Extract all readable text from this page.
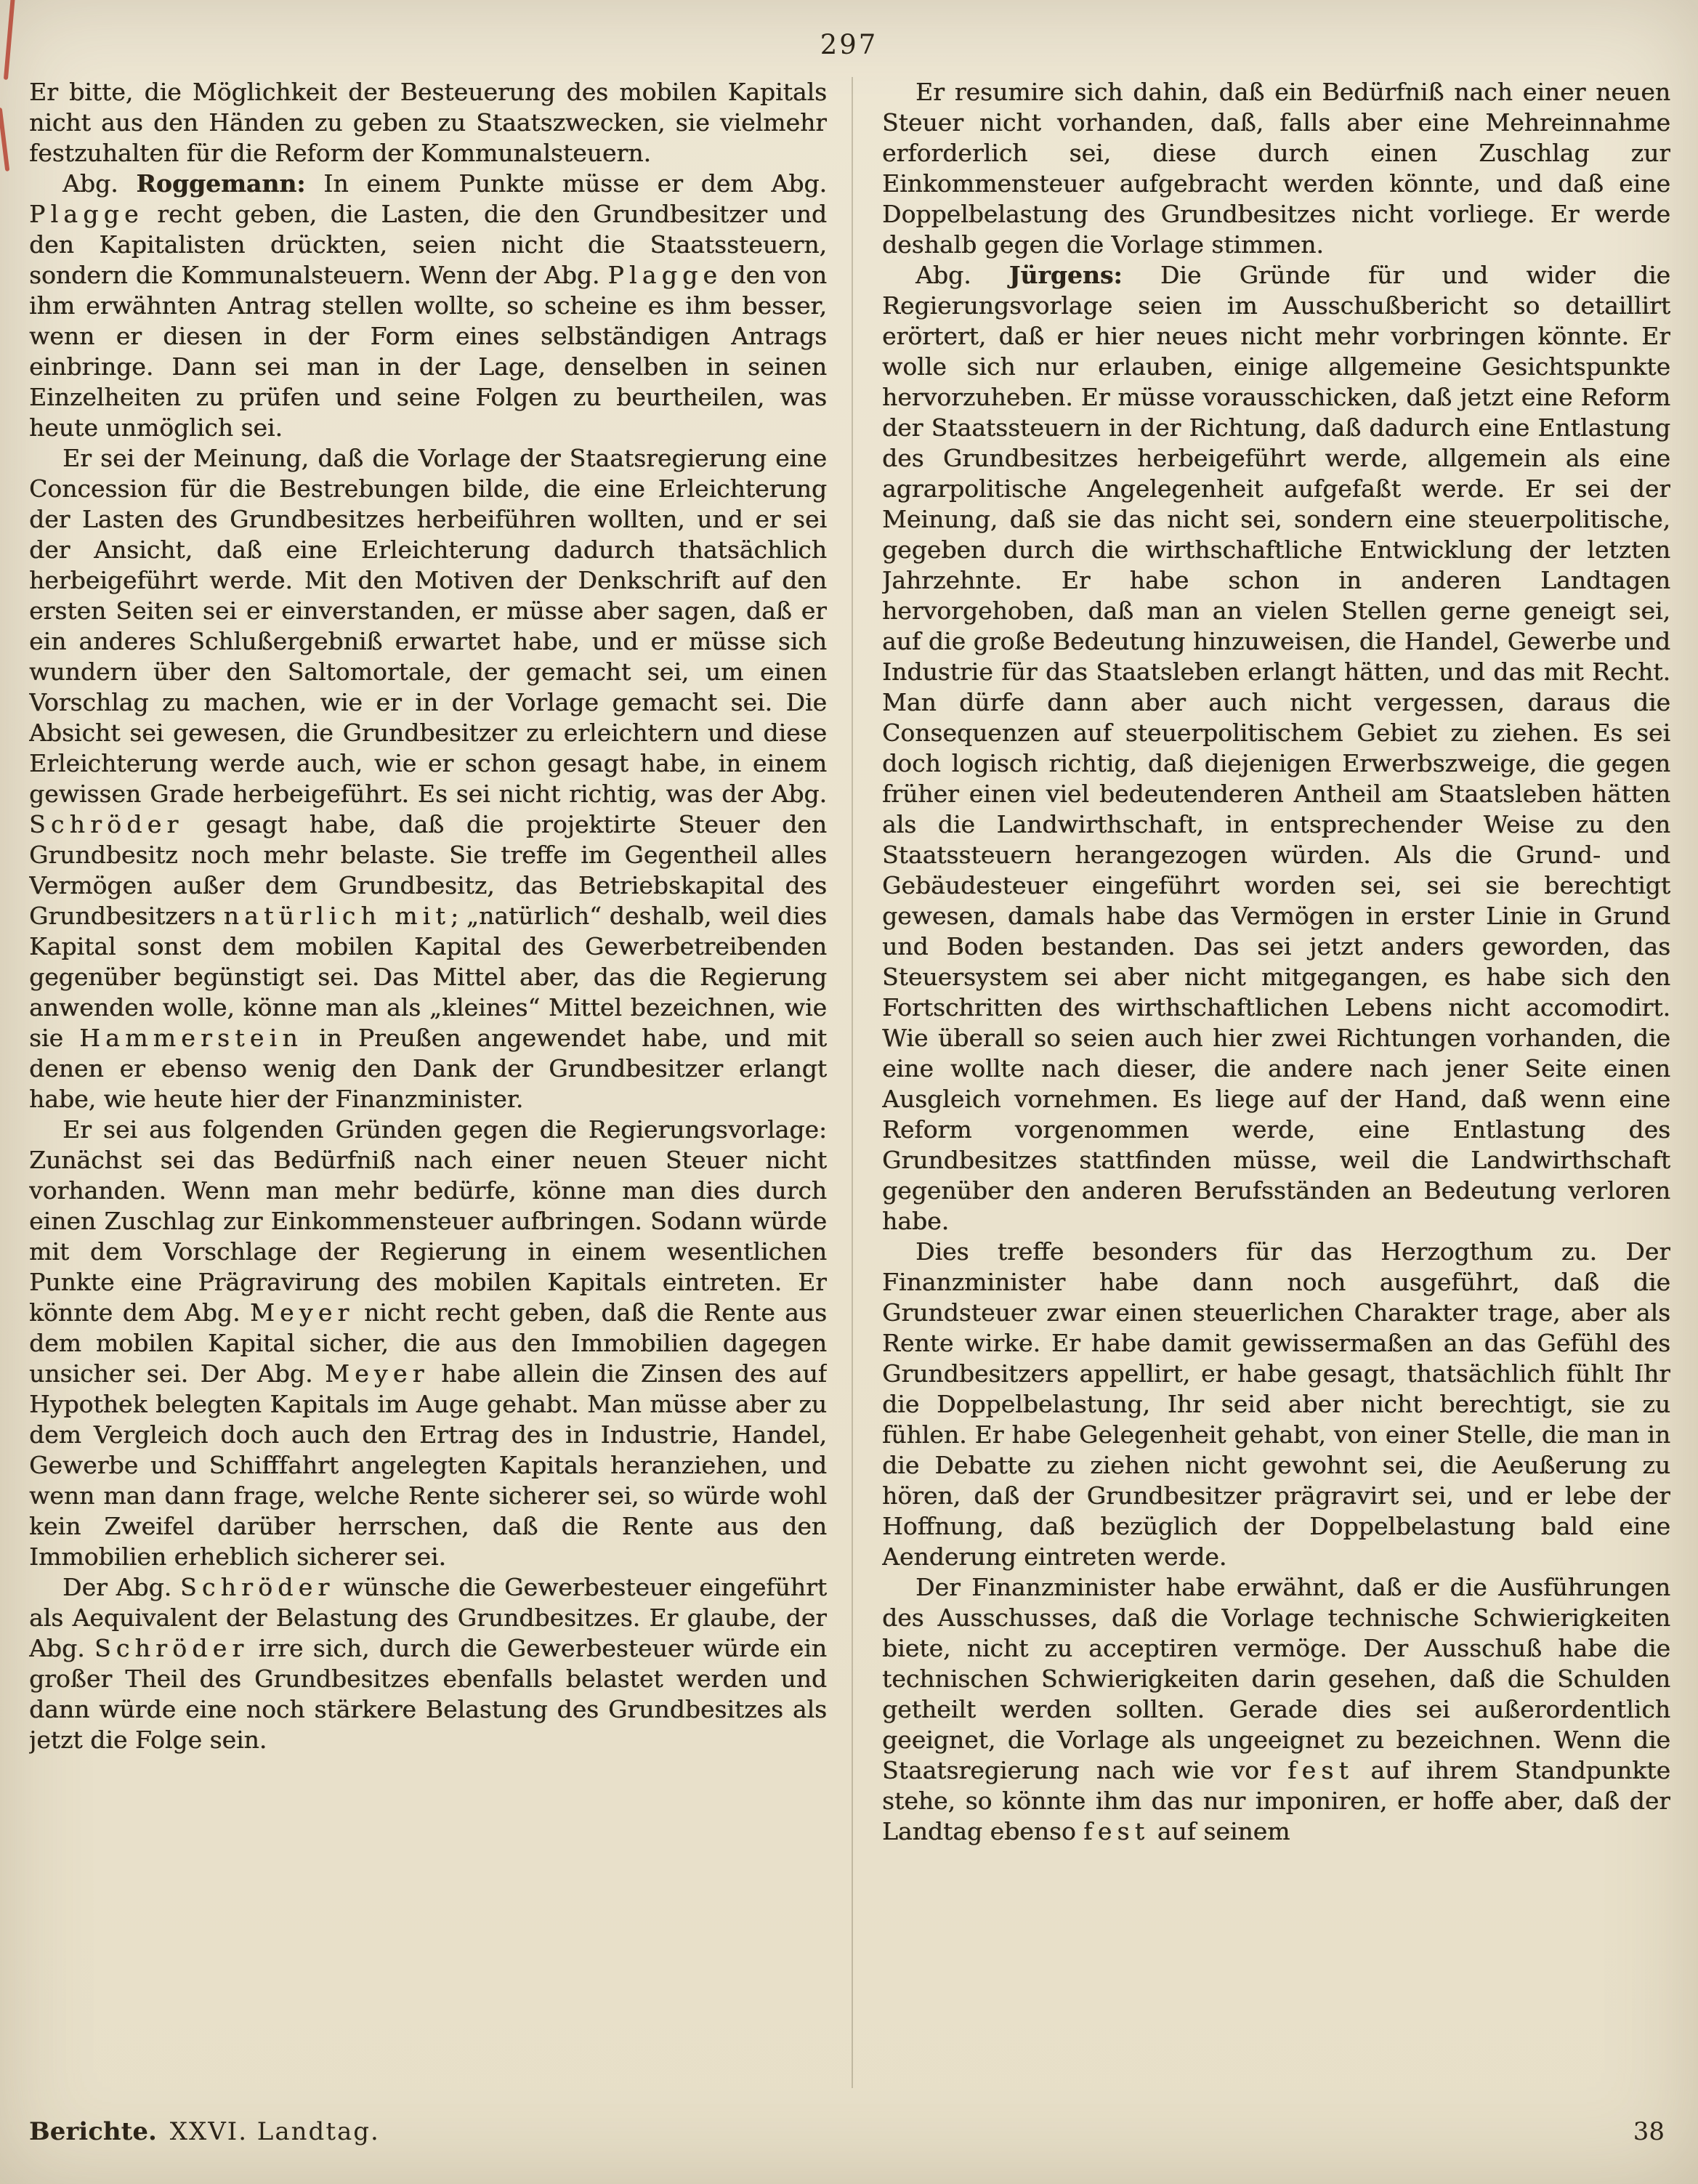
297

Er bitte, die Möglichkeit der Besteuerung des mobilen Kapitals nicht aus den Händen zu geben zu Staatszwecken, sie vielmehr festzuhalten für die Reform der Kommunalsteuern.

Abg. Roggemann: In einem Punkte müsse er dem Abg. Plagge recht geben, die Lasten, die den Grundbesitzer und den Kapitalisten drückten, seien nicht die Staatssteuern, sondern die Kommunalsteuern. Wenn der Abg. Plagge den von ihm erwähnten Antrag stellen wollte, so scheine es ihm besser, wenn er diesen in der Form eines selbständigen Antrags einbringe. Dann sei man in der Lage, denselben in seinen Einzelheiten zu prüfen und seine Folgen zu beurtheilen, was heute unmöglich sei.

Er sei der Meinung, daß die Vorlage der Staatsregierung eine Concession für die Bestrebungen bilde, die eine Erleichterung der Lasten des Grundbesitzes herbeiführen wollten, und er sei der Ansicht, daß eine Erleichterung dadurch thatsächlich herbeigeführt werde. Mit den Motiven der Denkschrift auf den ersten Seiten sei er einverstanden, er müsse aber sagen, daß er ein anderes Schlußergebniß erwartet habe, und er müsse sich wundern über den Saltomortale, der gemacht sei, um einen Vorschlag zu machen, wie er in der Vorlage gemacht sei. Die Absicht sei gewesen, die Grundbesitzer zu erleichtern und diese Erleichterung werde auch, wie er schon gesagt habe, in einem gewissen Grade herbeigeführt. Es sei nicht richtig, was der Abg. Schröder gesagt habe, daß die projektirte Steuer den Grundbesitz noch mehr belaste. Sie treffe im Gegentheil alles Vermögen außer dem Grundbesitz, das Betriebskapital des Grundbesitzers natürlich mit; „natürlich“ deshalb, weil dies Kapital sonst dem mobilen Kapital des Gewerbetreibenden gegenüber begünstigt sei. Das Mittel aber, das die Regierung anwenden wolle, könne man als „kleines“ Mittel bezeichnen, wie sie Hammerstein in Preußen angewendet habe, und mit denen er ebenso wenig den Dank der Grundbesitzer erlangt habe, wie heute hier der Finanzminister.

Er sei aus folgenden Gründen gegen die Regierungsvorlage: Zunächst sei das Bedürfniß nach einer neuen Steuer nicht vorhanden. Wenn man mehr bedürfe, könne man dies durch einen Zuschlag zur Einkommensteuer aufbringen. Sodann würde mit dem Vorschlage der Regierung in einem wesentlichen Punkte eine Prägravirung des mobilen Kapitals eintreten. Er könnte dem Abg. Meyer nicht recht geben, daß die Rente aus dem mobilen Kapital sicher, die aus den Immobilien dagegen unsicher sei. Der Abg. Meyer habe allein die Zinsen des auf Hypothek belegten Kapitals im Auge gehabt. Man müsse aber zu dem Vergleich doch auch den Ertrag des in Industrie, Handel, Gewerbe und Schifffahrt angelegten Kapitals heranziehen, und wenn man dann frage, welche Rente sicherer sei, so würde wohl kein Zweifel darüber herrschen, daß die Rente aus den Immobilien erheblich sicherer sei.

Der Abg. Schröder wünsche die Gewerbesteuer eingeführt als Aequivalent der Belastung des Grundbesitzes. Er glaube, der Abg. Schröder irre sich, durch die Gewerbesteuer würde ein großer Theil des Grundbesitzes ebenfalls belastet werden und dann würde eine noch stärkere Belastung des Grundbesitzes als jetzt die Folge sein.

Er resumire sich dahin, daß ein Bedürfniß nach einer neuen Steuer nicht vorhanden, daß, falls aber eine Mehreinnahme erforderlich sei, diese durch einen Zuschlag zur Einkommensteuer aufgebracht werden könnte, und daß eine Doppelbelastung des Grundbesitzes nicht vorliege. Er werde deshalb gegen die Vorlage stimmen.

Abg. Jürgens: Die Gründe für und wider die Regierungsvorlage seien im Ausschußbericht so detaillirt erörtert, daß er hier neues nicht mehr vorbringen könnte. Er wolle sich nur erlauben, einige allgemeine Gesichtspunkte hervorzuheben. Er müsse vorausschicken, daß jetzt eine Reform der Staatssteuern in der Richtung, daß dadurch eine Entlastung des Grundbesitzes herbeigeführt werde, allgemein als eine agrarpolitische Angelegenheit aufgefaßt werde. Er sei der Meinung, daß sie das nicht sei, sondern eine steuerpolitische, gegeben durch die wirthschaftliche Entwicklung der letzten Jahrzehnte. Er habe schon in anderen Landtagen hervorgehoben, daß man an vielen Stellen gerne geneigt sei, auf die große Bedeutung hinzuweisen, die Handel, Gewerbe und Industrie für das Staatsleben erlangt hätten, und das mit Recht. Man dürfe dann aber auch nicht vergessen, daraus die Consequenzen auf steuerpolitischem Gebiet zu ziehen. Es sei doch logisch richtig, daß diejenigen Erwerbszweige, die gegen früher einen viel bedeutenderen Antheil am Staatsleben hätten als die Landwirthschaft, in entsprechender Weise zu den Staatssteuern herangezogen würden. Als die Grund- und Gebäudesteuer eingeführt worden sei, sei sie berechtigt gewesen, damals habe das Vermögen in erster Linie in Grund und Boden bestanden. Das sei jetzt anders geworden, das Steuersystem sei aber nicht mitgegangen, es habe sich den Fortschritten des wirthschaftlichen Lebens nicht accomodirt. Wie überall so seien auch hier zwei Richtungen vorhanden, die eine wollte nach dieser, die andere nach jener Seite einen Ausgleich vornehmen. Es liege auf der Hand, daß wenn eine Reform vorgenommen werde, eine Entlastung des Grundbesitzes stattfinden müsse, weil die Landwirthschaft gegenüber den anderen Berufsständen an Bedeutung verloren habe.

Dies treffe besonders für das Herzogthum zu. Der Finanzminister habe dann noch ausgeführt, daß die Grundsteuer zwar einen steuerlichen Charakter trage, aber als Rente wirke. Er habe damit gewissermaßen an das Gefühl des Grundbesitzers appellirt, er habe gesagt, thatsächlich fühlt Ihr die Doppelbelastung, Ihr seid aber nicht berechtigt, sie zu fühlen. Er habe Gelegenheit gehabt, von einer Stelle, die man in die Debatte zu ziehen nicht gewohnt sei, die Aeußerung zu hören, daß der Grundbesitzer prägravirt sei, und er lebe der Hoffnung, daß bezüglich der Doppelbelastung bald eine Aenderung eintreten werde.

Der Finanzminister habe erwähnt, daß er die Ausführungen des Ausschusses, daß die Vorlage technische Schwierigkeiten biete, nicht zu acceptiren vermöge. Der Ausschuß habe die technischen Schwierigkeiten darin gesehen, daß die Schulden getheilt werden sollten. Gerade dies sei außerordentlich geeignet, die Vorlage als ungeeignet zu bezeichnen. Wenn die Staatsregierung nach wie vor fest auf ihrem Standpunkte stehe, so könnte ihm das nur imponiren, er hoffe aber, daß der Landtag ebenso fest auf seinem

Berichte. XXVI. Landtag.	38
